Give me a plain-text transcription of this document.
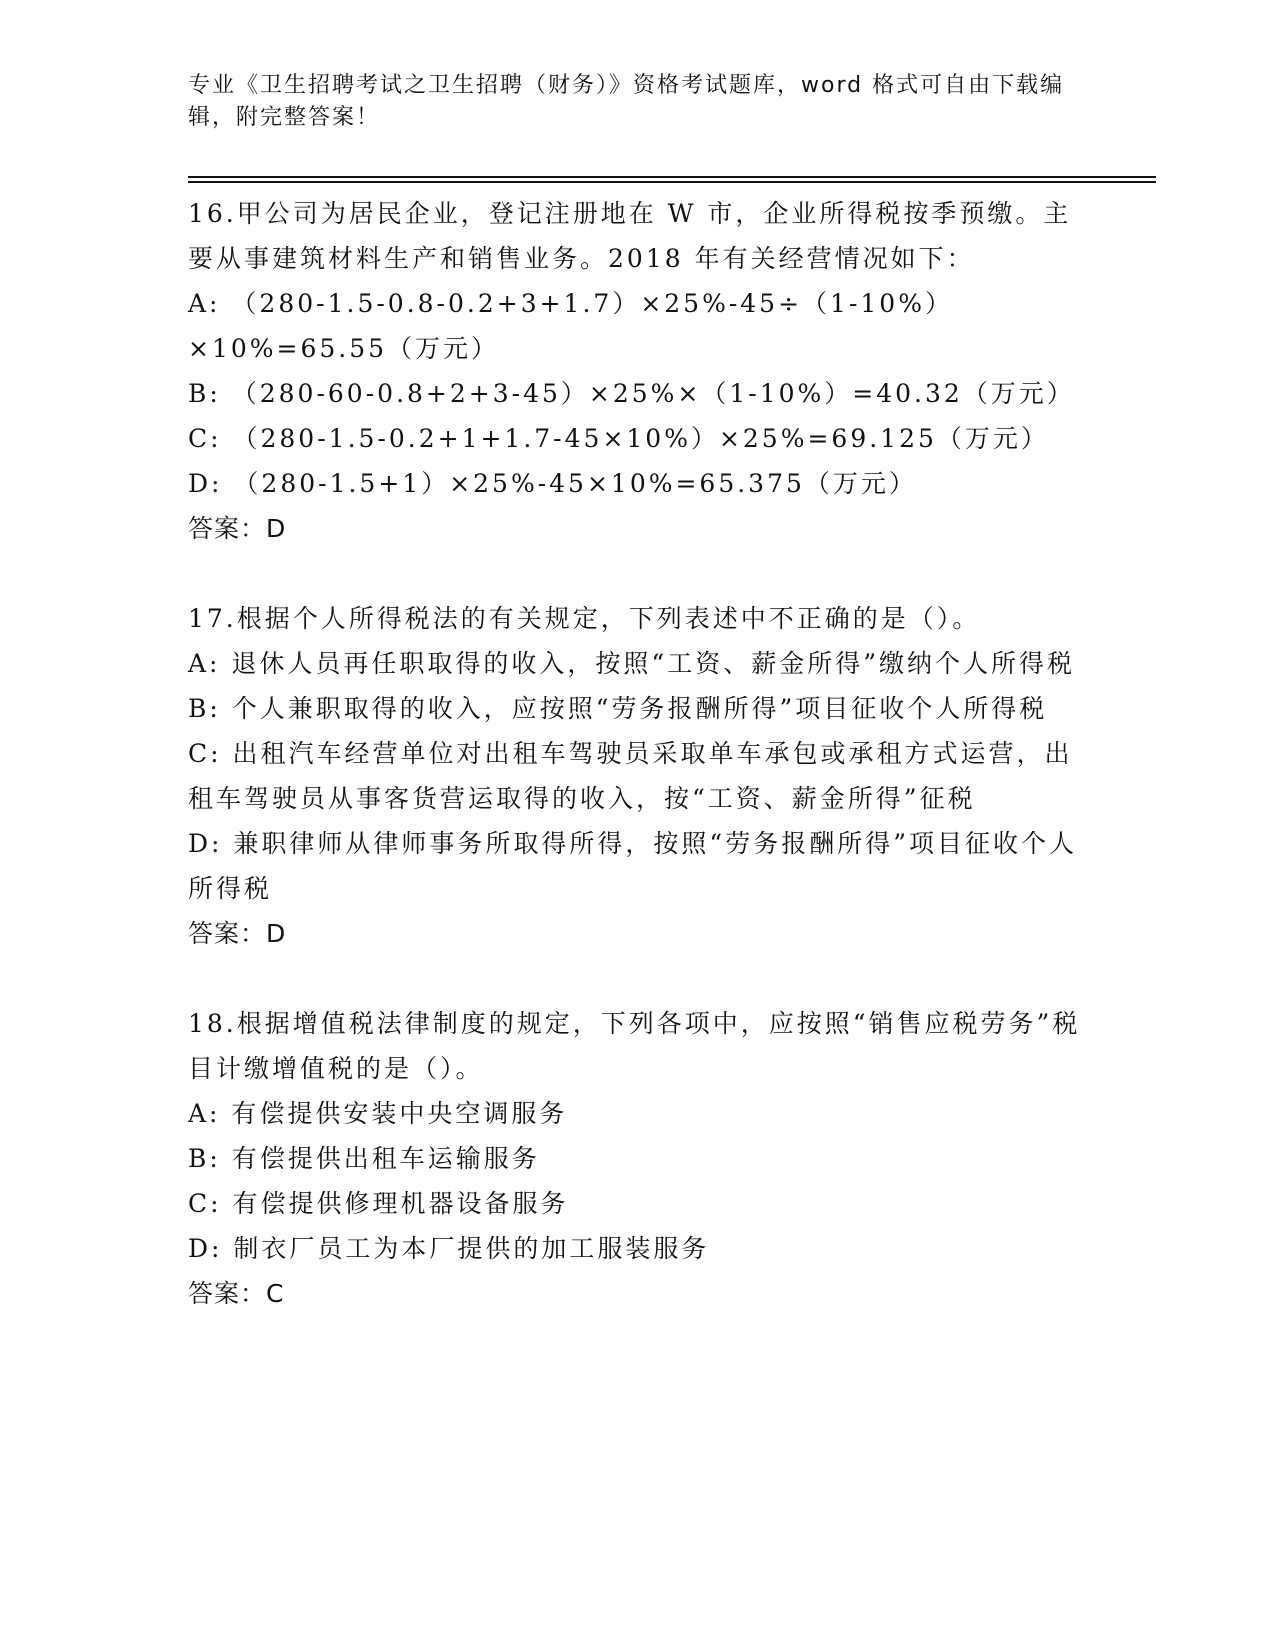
专业《卫生招聘考试之卫生招聘（财务）》资格考试题库，word 格式可自由下载编辑，附完整答案！

16.甲公司为居民企业，登记注册地在 W 市，企业所得税按季预缴。主要从事建筑材料生产和销售业务。2018 年有关经营情况如下：

A: （280-1.5-0.8-0.2+3+1.7）×25%-45÷（1-10%）×10%=65.55（万元）

B: （280-60-0.8+2+3-45）×25%×（1-10%）=40.32（万元）

C: （280-1.5-0.2+1+1.7-45×10%）×25%=69.125（万元）

D: （280-1.5+1）×25%-45×10%=65.375（万元）

答案：D

17.根据个人所得税法的有关规定，下列表述中不正确的是（）。

A: 退休人员再任职取得的收入，按照“工资、薪金所得”缴纳个人所得税

B: 个人兼职取得的收入，应按照“劳务报酬所得”项目征收个人所得税

C: 出租汽车经营单位对出租车驾驶员采取单车承包或承租方式运营，出租车驾驶员从事客货营运取得的收入，按“工资、薪金所得”征税

D: 兼职律师从律师事务所取得所得，按照“劳务报酬所得”项目征收个人所得税

答案：D

18.根据增值税法律制度的规定，下列各项中，应按照“销售应税劳务”税目计缴增值税的是（）。

A: 有偿提供安装中央空调服务

B: 有偿提供出租车运输服务

C: 有偿提供修理机器设备服务

D: 制衣厂员工为本厂提供的加工服装服务

答案：C
